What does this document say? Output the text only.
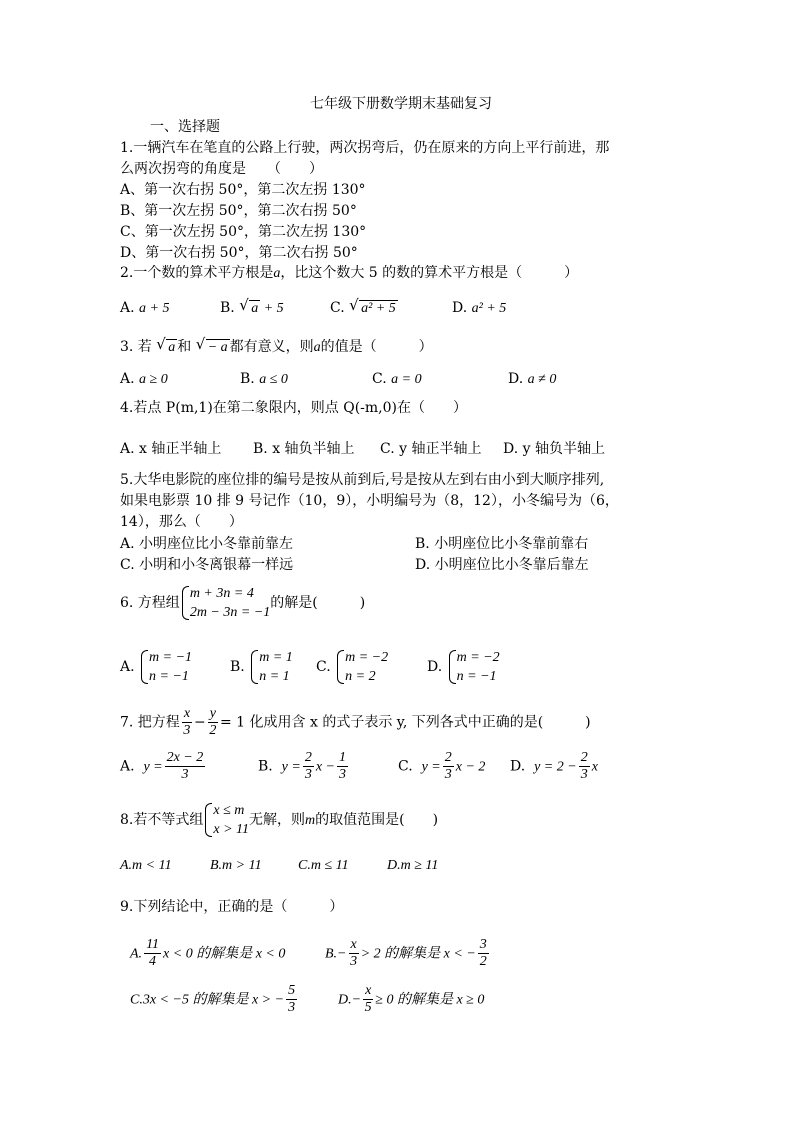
七年级下册数学期末基础复习
一、选择题
1.一辆汽车在笔直的公路上行驶，两次拐弯后，仍在原来的方向上平行前进，那
么两次拐弯的角度是　　（　　）
A、第一次右拐 50°，第二次左拐 130°
B、第一次左拐 50°，第二次右拐 50°
C、第一次左拐 50°，第二次左拐 130°
D、第一次右拐 50°，第二次右拐 50°
2.一个数的算术平方根是a，比这个数大 5 的数的算术平方根是（　　　）
A. a + 5	B. √ a + 5	C. √ a² + 5	D. a² + 5
3. 若 √ a 和 √ − a 都有意义，则a的值是（　　　）
A. a ≥ 0	B. a ≤ 0	C. a = 0	D. a ≠ 0
4.若点 P(m,1)在第二象限内，则点 Q(-m,0)在（　　）
A. x 轴正半轴上 B. x 轴负半轴上 C. y 轴正半轴上 D. y 轴负半轴上
5.大华电影院的座位排的编号是按从前到后,号是按从左到右由小到大顺序排列,
如果电影票 10 排 9 号记作（10，9），小明编号为（8，12），小冬编号为（6，
14），那么（　　）
A. 小明座位比小冬靠前靠左	B. 小明座位比小冬靠前靠右
C. 小明和小冬离银幕一样远	D. 小明座位比小冬靠后靠左
6. 方程组
m + 3n = 4
2m − 3n = −1
的解是(　　　)
A.
m = −1
n = −1
B.
m = 1
n = 1
C.
m = −2
n = 2
D.
m = −2
n = −1
7. 把方程 $\frac{x}{3} - \frac{y}{2} = 1$ 化成用含 x 的式子表示 y, 下列各式中正确的是(　　　)
A. $y = \frac{2x - 2}{3}$	B. $y = \frac{2}{3}$ $x - \frac{1}{3}$	C. $y = \frac{2}{3}$ x − 2 D. $y = 2 - \frac{2}{3}$ x
8.若不等式组
x ≤ m
x > 11
无解，则m的取值范围是(　　)
A.m < 11	B.m > 11	C.m ≤ 11	D.m ≥ 11
9.下列结论中，正确的是（　　　）
A. $\frac{11}{4}$ x < 0 的解集是 x < 0	$B.- \frac{x}{3} > 2$ 的解集是 x < − $\frac{3}{2}$
C.3x < −5 的解集是 x > − $\frac{5}{3}$	$D.- \frac{x}{5} \ge 0$ 的解集是 x ≥ 0
